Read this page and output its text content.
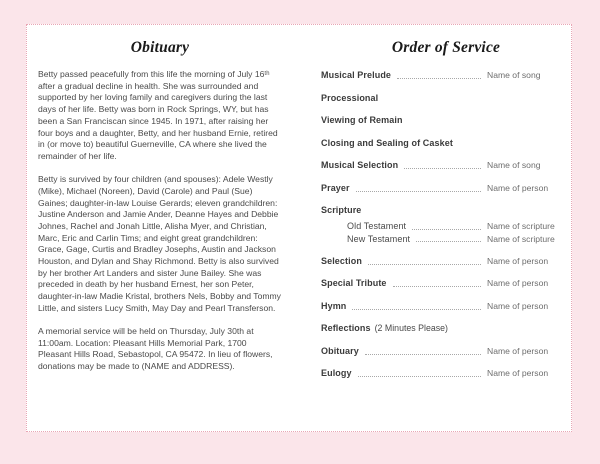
Obituary

Betty passed peacefully from this life the morning of July 16ᵗʰ after a gradual decline in health. She was surrounded and supported by her loving family and caregivers during the last days of her life. Betty was born in Rock Springs, WY, but has been a San Franciscan since 1945. In 1971, after raising her four boys and a daughter, Betty, and her husband Ernie, retired in (or move to) beautiful Guerneville, CA where she lived the remainder of her life.

Betty is survived by four children (and spouses): Adele Westly (Mike), Michael (Noreen), David (Carole) and Paul (Sue) Gaines; daughter-in-law Louise Gerards; eleven grandchildren: Justine Anderson and Jamie Ander, Deanne Hayes and Debbie Johnes, Rachel and Jonah Little, Alisha Myer, and Christian, Marc, Eric and Carlin Tims; and eight great grandchildren: Grace, Gage, Curtis and Bradley Josephs, Austin and Jackson Houston, and Dylan and Shay Richmond. Betty is also survived by her brother Art Landers and sister June Bailey. She was preceded in death by her husband Ernest, her son Peter, daughter-in-law Madie Kristal, brothers Nels, Bobby and Tommy Little, and sisters Lucy Smith, May Day and Pearl Transferson.

A memorial service will be held on Thursday, July 30th at 11:00am. Location: Pleasant Hills Memorial Park, 1700 Pleasant Hills Road, Sebastopol, CA 95472. In lieu of flowers, donations may be made to (NAME and ADDRESS).

Order of Service
Musical Prelude	Name of song
Processional
Viewing of Remain
Closing and Sealing of Casket
Musical Selection	Name of song
Prayer	Name of person
Scripture
Old Testament	Name of scripture
New Testament	Name of scripture
Selection	Name of person
Special Tribute	Name of person
Hymn	Name of person
Reflections (2 Minutes Please)
Obituary	Name of person
Eulogy	Name of person
